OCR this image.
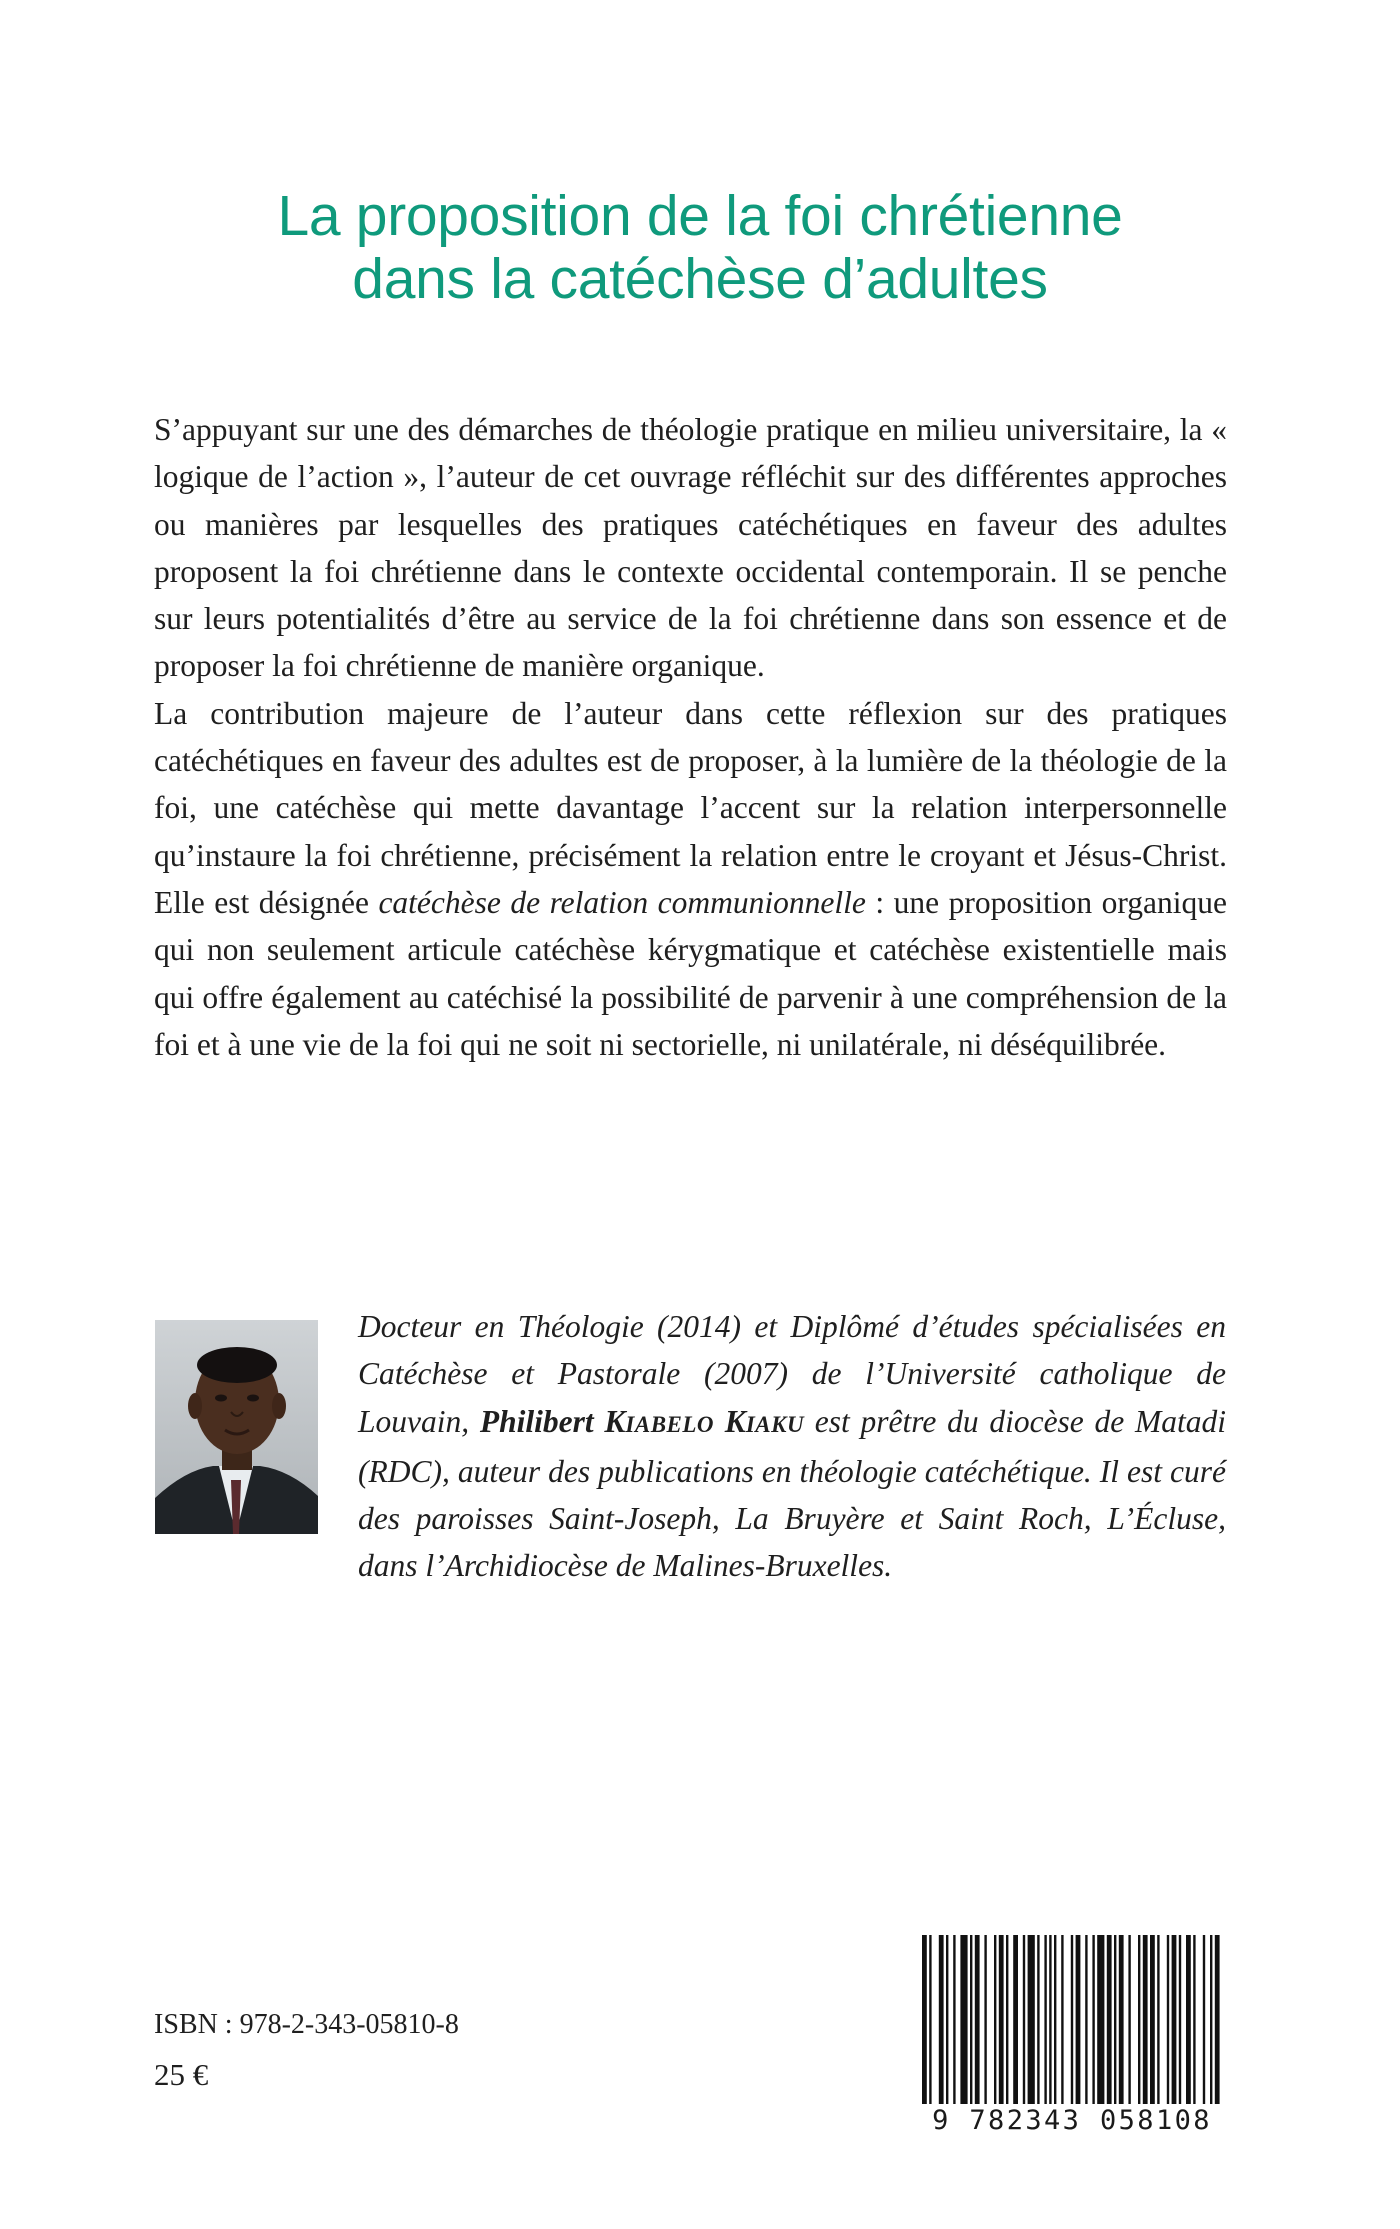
La proposition de la foi chrétienne
dans la catéchèse d’adultes

S’appuyant sur une des démarches de théologie pratique en milieu universitaire, la « logique de l’action », l’auteur de cet ouvrage réfléchit sur des différentes approches ou manières par lesquelles des pratiques catéchétiques en faveur des adultes proposent la foi chrétienne dans le contexte occidental contemporain. Il se penche sur leurs potentialités d’être au service de la foi chrétienne dans son essence et de proposer la foi chrétienne de manière organique.

La contribution majeure de l’auteur dans cette réflexion sur des pratiques catéchétiques en faveur des adultes est de proposer, à la lumière de la théologie de la foi, une catéchèse qui mette davantage l’accent sur la relation interpersonnelle qu’instaure la foi chrétienne, précisément la relation entre le croyant et Jésus-Christ. Elle est désignée catéchèse de relation communionnelle : une proposition organique qui non seulement articule catéchèse kérygmatique et catéchèse existentielle mais qui offre également au catéchisé la possibilité de parvenir à une compréhension de la foi et à une vie de la foi qui ne soit ni sectorielle, ni unilatérale, ni déséquilibrée.

Docteur en Théologie (2014) et Diplômé d’études spécialisées en Catéchèse et Pastorale (2007) de l’Université catholique de Louvain, Philibert KIABELO KIAKU est prêtre du diocèse de Matadi (RDC), auteur des publications en théologie catéchétique. Il est curé des paroisses Saint-Joseph, La Bruyère et Saint Roch, L’Écluse, dans l’Archidiocèse de Malines-Bruxelles.
ISBN : 978-2-343-05810-8
25 €
9 782343 058108
